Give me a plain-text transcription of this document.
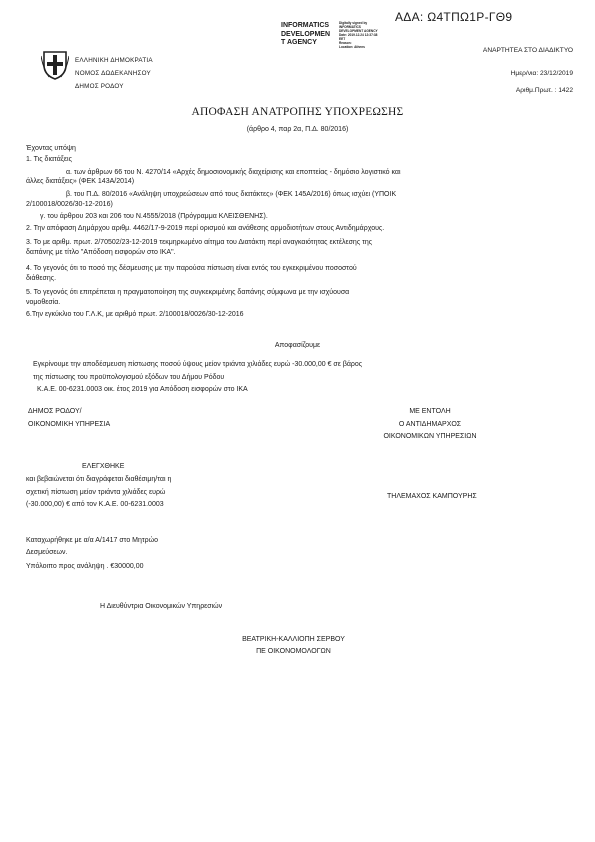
ΑΔΑ: Ω4ΤΠΩ1Ρ-ΓΘ9
INFORMATICS
DEVELOPMEN
T AGENCY
Digitally signed by
INFORMATICS
DEVELOPMENT AGENCY
Date: 2019.12.24 12:37:38
EET
Reason:
Location: Athens
ΕΛΛΗΝΙΚΗ ΔΗΜΟΚΡΑΤΙΑ
ΝΟΜΟΣ ΔΩΔΕΚΑΝΗΣΟΥ
ΔΗΜΟΣ ΡΟΔΟΥ
ΑΝΑΡΤΗΤΕΑ ΣΤΟ ΔΙΑΔΙΚΤΥΟ
Ημερ/νια: 23/12/2019
Αριθμ.Πρωτ. : 1422
ΑΠΟΦΑΣΗ ΑΝΑΤΡΟΠΗΣ ΥΠΟΧΡΕΩΣΗΣ
(άρθρο 4, παρ 2α, Π.Δ. 80/2016)
Έχοντας υπόψη
1. Τις διατάξεις
α. των άρθρων 66 του Ν. 4270/14 «Αρχές δημοσιονομικής διαχείρισης και εποπτείας - δημόσιο λογιστικό και
άλλες διατάξεις» (ΦΕΚ 143Α/2014)
β. του Π.Δ. 80/2016 «Ανάληψη υποχρεώσεων από τους διατάκτες» (ΦΕΚ 145Α/2016) όπως ισχύει (ΥΠΟΙΚ
2/100018/0026/30-12-2016)
γ. του άρθρου 203 και 206 του Ν.4555/2018 (Πρόγραμμα ΚΛΕΙΣΘΕΝΗΣ).
2. Την απόφαση Δημάρχου αριθμ. 4462/17-9-2019 περί ορισμού και ανάθεσης αρμοδιοτήτων στους Αντιδημάρχους.
3. Το με αριθμ. πρωτ. 2/70502/23-12-2019 τεκμηριωμένο αίτημα του Διατάκτη περί αναγκαιότητας εκτέλεσης της
δαπάνης με τίτλο "Απόδοση εισφορών στο ΙΚΑ".
4. Το γεγονός ότι το ποσό της δέσμευσης με την παρούσα πίστωση είναι εντός του εγκεκριμένου ποσοστού
διάθεσης.
5. Το γεγονός ότι επιτρέπεται η πραγματοποίηση της συγκεκριμένης δαπάνης σύμφωνα με την ισχύουσα
νομοθεσία.
6.Την εγκύκλιο του Γ.Λ.Κ, με αριθμό πρωτ. 2/100018/0026/30-12-2016
Αποφασίζουμε
Εγκρίνουμε την αποδέσμευση πίστωσης ποσού ύψους μείον τριάντα χιλιάδες ευρώ -30.000,00 € σε βάρος
της πίστωσης του προϋπολογισμού εξόδων του Δήμου Ρόδου
Κ.Α.Ε. 00-6231.0003 οικ. έτος 2019 για Απόδοση εισφορών στο ΙΚΑ
ΔΗΜΟΣ ΡΟΔΟΥ/
ΟΙΚΟΝΟΜΙΚΗ ΥΠΗΡΕΣΙΑ
ΜΕ ΕΝΤΟΛΗ
Ο ΑΝΤΙΔΗΜΑΡΧΟΣ
ΟΙΚΟΝΟΜΙΚΩΝ ΥΠΗΡΕΣΙΩΝ
ΤΗΛΕΜΑΧΟΣ ΚΑΜΠΟΥΡΗΣ
ΕΛΕΓΧΘΗΚΕ
και βεβαιώνεται ότι διαγράφεται διαθέσιμη/ται η
σχετική πίστωση μείον τριάντα χιλιάδες ευρώ
(-30.000,00) € από τον Κ.Α.Ε. 00-6231.0003
Καταχωρήθηκε με α/α Α/1417 στο Μητρώο
Δεσμεύσεων.
Υπόλοιπο προς ανάληψη . €30000,00
Η Διευθύντρια Οικονομικών Υπηρεσιών
ΒΕΑΤΡΙΚΗ-ΚΑΛΛΙΟΠΗ ΣΕΡΒΟΥ
ΠΕ ΟΙΚΟΝΟΜΟΛΟΓΩΝ
